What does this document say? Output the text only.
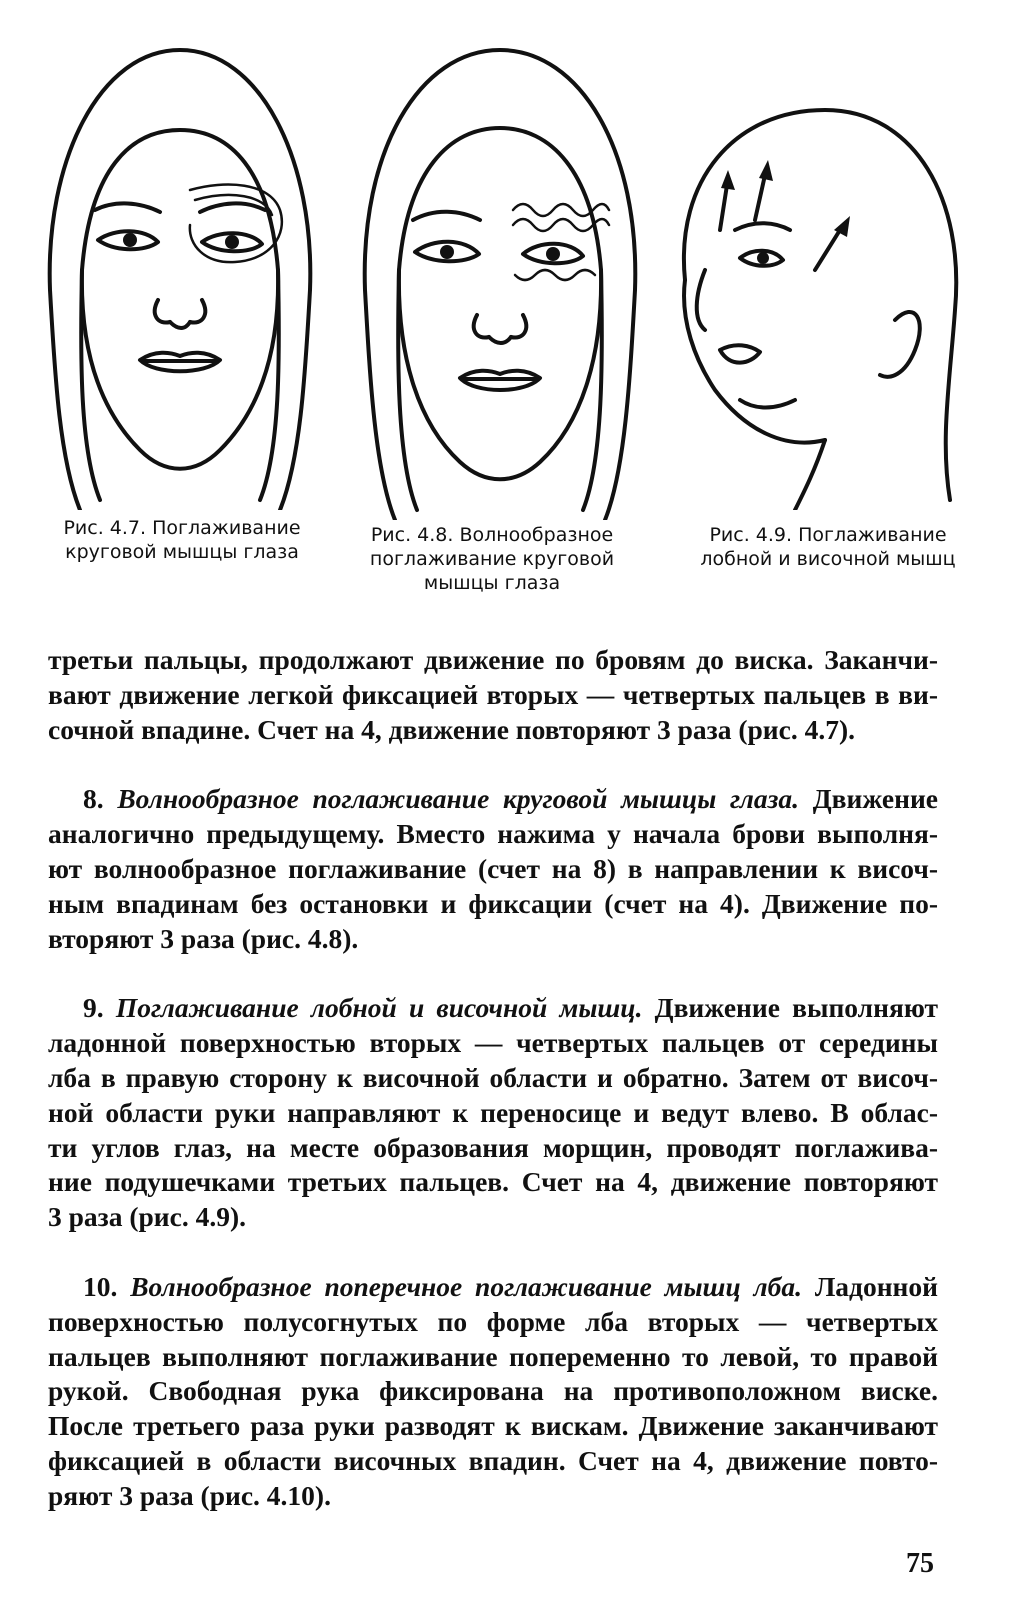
Рис. 4.7. Поглаживание
круговой мышцы глаза
Рис. 4.8. Волнообразное
поглаживание круговой
мышцы глаза
Рис. 4.9. Поглаживание
лобной и височной мышц
третьи пальцы, продолжают движение по бровям до виска. Заканчи-
вают движение легкой фиксацией вторых — четвертых пальцев в ви-
сочной впадине. Счет на 4, движение повторяют 3 раза (рис. 4.7).
8. Волнообразное поглаживание круговой мышцы глаза. Движение
аналогично предыдущему. Вместо нажима у начала брови выполня-
ют волнообразное поглаживание (счет на 8) в направлении к височ-
ным впадинам без остановки и фиксации (счет на 4). Движение по-
вторяют 3 раза (рис. 4.8).
9. Поглаживание лобной и височной мышц. Движение выполняют
ладонной поверхностью вторых — четвертых пальцев от середины
лба в правую сторону к височной области и обратно. Затем от височ-
ной области руки направляют к переносице и ведут влево. В облас-
ти углов глаз, на месте образования морщин, проводят поглажива-
ние подушечками третьих пальцев. Счет на 4, движение повторяют
3 раза (рис. 4.9).
10. Волнообразное поперечное поглаживание мышц лба. Ладонной
поверхностью полусогнутых по форме лба вторых — четвертых
пальцев выполняют поглаживание попеременно то левой, то правой
рукой. Свободная рука фиксирована на противоположном виске.
После третьего раза руки разводят к вискам. Движение заканчивают
фиксацией в области височных впадин. Счет на 4, движение повто-
ряют 3 раза (рис. 4.10).
75
